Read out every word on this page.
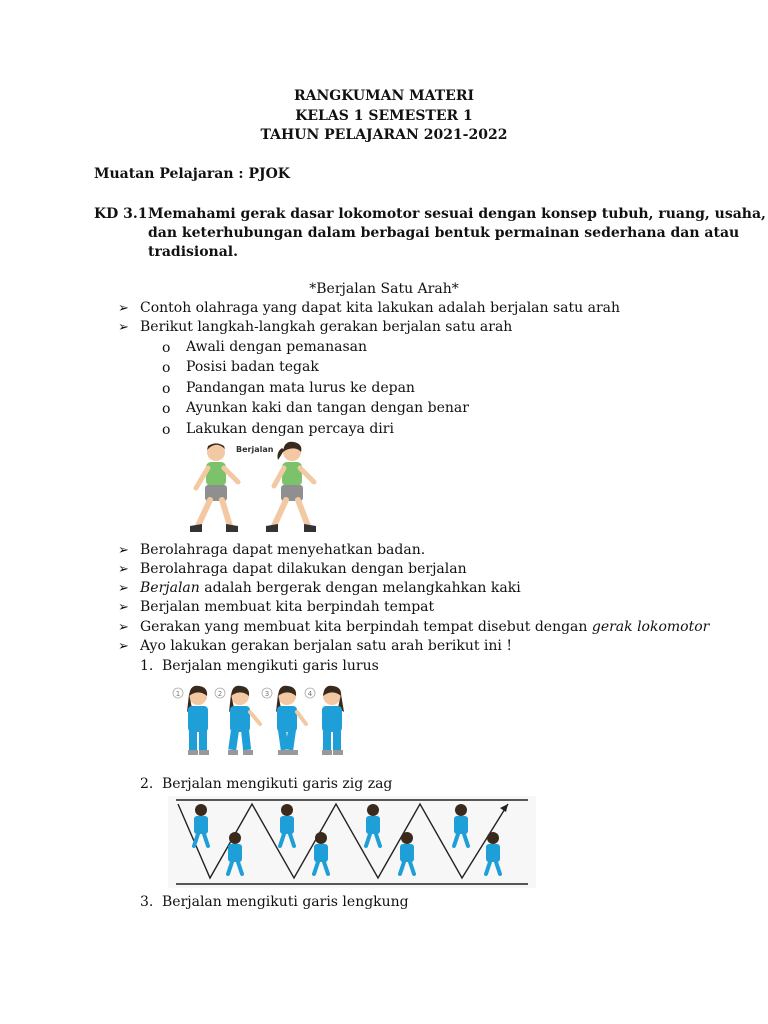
RANGKUMAN MATERI
KELAS 1 SEMESTER 1
TAHUN PELAJARAN 2021-2022
Muatan Pelajaran : PJOK
KD 3.1 Memahami gerak dasar lokomotor sesuai dengan konsep tubuh, ruang, usaha,
dan keterhubungan dalam berbagai bentuk permainan sederhana dan atau
tradisional.
*Berjalan Satu Arah*
➢ Contoh olahraga yang dapat kita lakukan adalah berjalan satu arah
➢ Berikut langkah-langkah gerakan berjalan satu arah
o Awali dengan pemanasan
o Posisi badan tegak
o Pandangan mata lurus ke depan
o Ayunkan kaki dan tangan dengan benar
o Lakukan dengan percaya diri
Berjalan
➢ Berolahraga dapat menyehatkan badan.
➢ Berolahraga dapat dilakukan dengan berjalan
➢ Berjalan adalah bergerak dengan melangkahkan kaki
➢ Berjalan membuat kita berpindah tempat
➢ Gerakan yang membuat kita berpindah tempat disebut dengan gerak lokomotor
➢ Ayo lakukan gerakan berjalan satu arah berikut ini !
1. Berjalan mengikuti garis lurus
1	2	3	4
2. Berjalan mengikuti garis zig zag
3. Berjalan mengikuti garis lengkung
